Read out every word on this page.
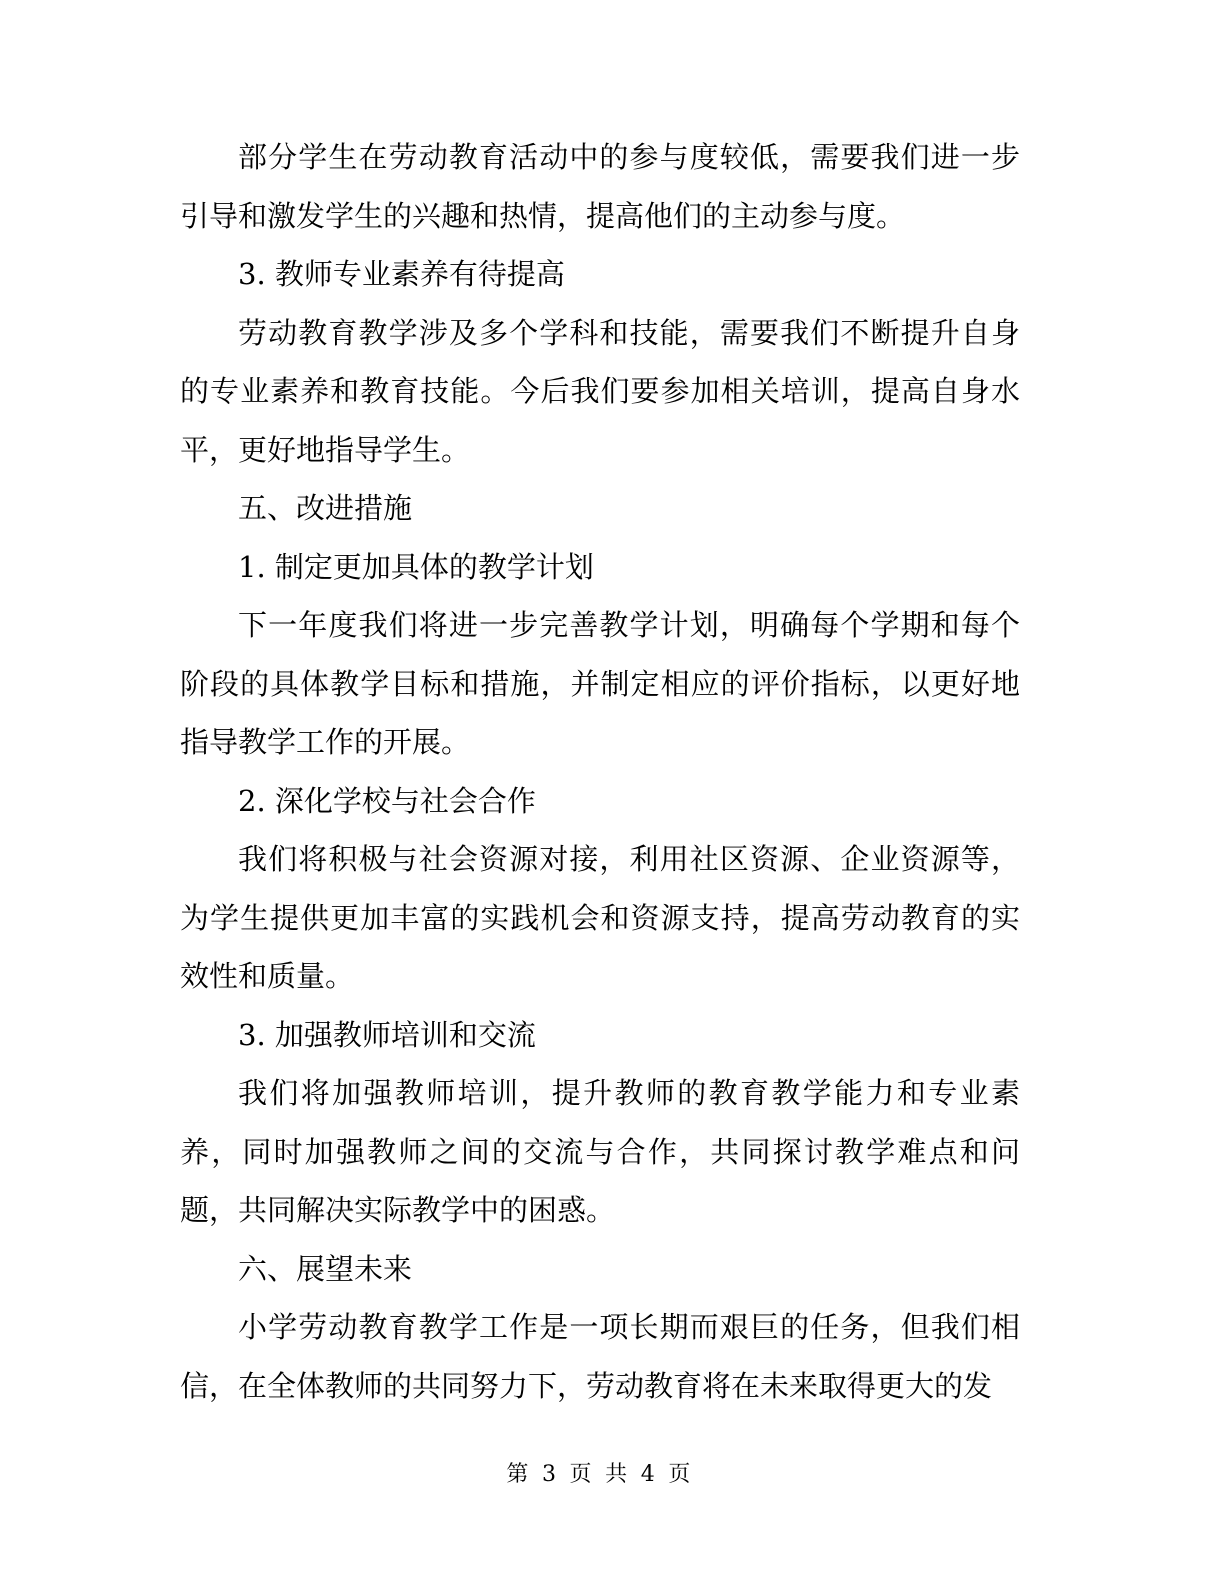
部分学生在劳动教育活动中的参与度较低，需要我们进一步引导和激发学生的兴趣和热情，提高他们的主动参与度。

3. 教师专业素养有待提高

劳动教育教学涉及多个学科和技能，需要我们不断提升自身的专业素养和教育技能。今后我们要参加相关培训，提高自身水平，更好地指导学生。

五、改进措施

1. 制定更加具体的教学计划

下一年度我们将进一步完善教学计划，明确每个学期和每个阶段的具体教学目标和措施，并制定相应的评价指标，以更好地指导教学工作的开展。

2. 深化学校与社会合作

我们将积极与社会资源对接，利用社区资源、企业资源等，为学生提供更加丰富的实践机会和资源支持，提高劳动教育的实效性和质量。

3. 加强教师培训和交流

我们将加强教师培训，提升教师的教育教学能力和专业素养，同时加强教师之间的交流与合作，共同探讨教学难点和问题，共同解决实际教学中的困惑。

六、展望未来

小学劳动教育教学工作是一项长期而艰巨的任务，但我们相信，在全体教师的共同努力下，劳动教育将在未来取得更大的发

第 3 页 共 4 页
